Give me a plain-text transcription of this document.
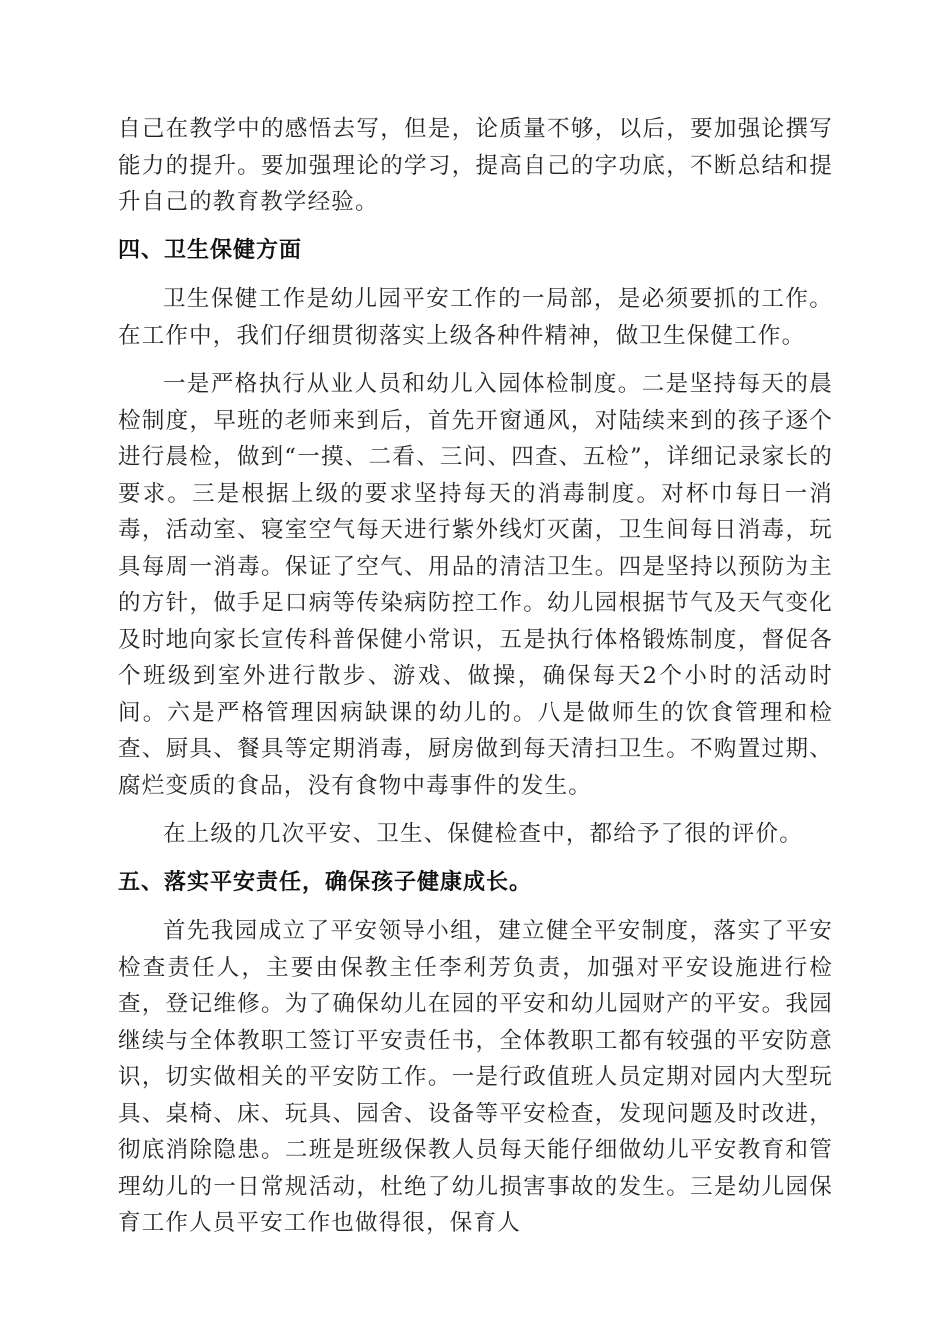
自己在教学中的感悟去写，但是，论质量不够，以后，要加强论撰写能力的提升。要加强理论的学习，提高自己的字功底，不断总结和提升自己的教育教学经验。

四、卫生保健方面

卫生保健工作是幼儿园平安工作的一局部，是必须要抓的工作。在工作中，我们仔细贯彻落实上级各种件精神，做卫生保健工作。

一是严格执行从业人员和幼儿入园体检制度。二是坚持每天的晨检制度，早班的老师来到后，首先开窗通风，对陆续来到的孩子逐个进行晨检，做到“一摸、二看、三问、四查、五检”，详细记录家长的要求。三是根据上级的要求坚持每天的消毒制度。对杯巾每日一消毒，活动室、寝室空气每天进行紫外线灯灭菌，卫生间每日消毒，玩具每周一消毒。保证了空气、用品的清洁卫生。四是坚持以预防为主的方针，做手足口病等传染病防控工作。幼儿园根据节气及天气变化及时地向家长宣传科普保健小常识，五是执行体格锻炼制度，督促各个班级到室外进行散步、游戏、做操，确保每天2个小时的活动时间。六是严格管理因病缺课的幼儿的。八是做师生的饮食管理和检查、厨具、餐具等定期消毒，厨房做到每天清扫卫生。不购置过期、腐烂变质的食品，没有食物中毒事件的发生。

在上级的几次平安、卫生、保健检查中，都给予了很的评价。

五、落实平安责任，确保孩子健康成长。

首先我园成立了平安领导小组，建立健全平安制度，落实了平安检查责任人，主要由保教主任李利芳负责，加强对平安设施进行检查，登记维修。为了确保幼儿在园的平安和幼儿园财产的平安。我园继续与全体教职工签订平安责任书，全体教职工都有较强的平安防意识，切实做相关的平安防工作。一是行政值班人员定期对园内大型玩具、桌椅、床、玩具、园舍、设备等平安检查，发现问题及时改进，彻底消除隐患。二班是班级保教人员每天能仔细做幼儿平安教育和管理幼儿的一日常规活动，杜绝了幼儿损害事故的发生。三是幼儿园保育工作人员平安工作也做得很，保育人
